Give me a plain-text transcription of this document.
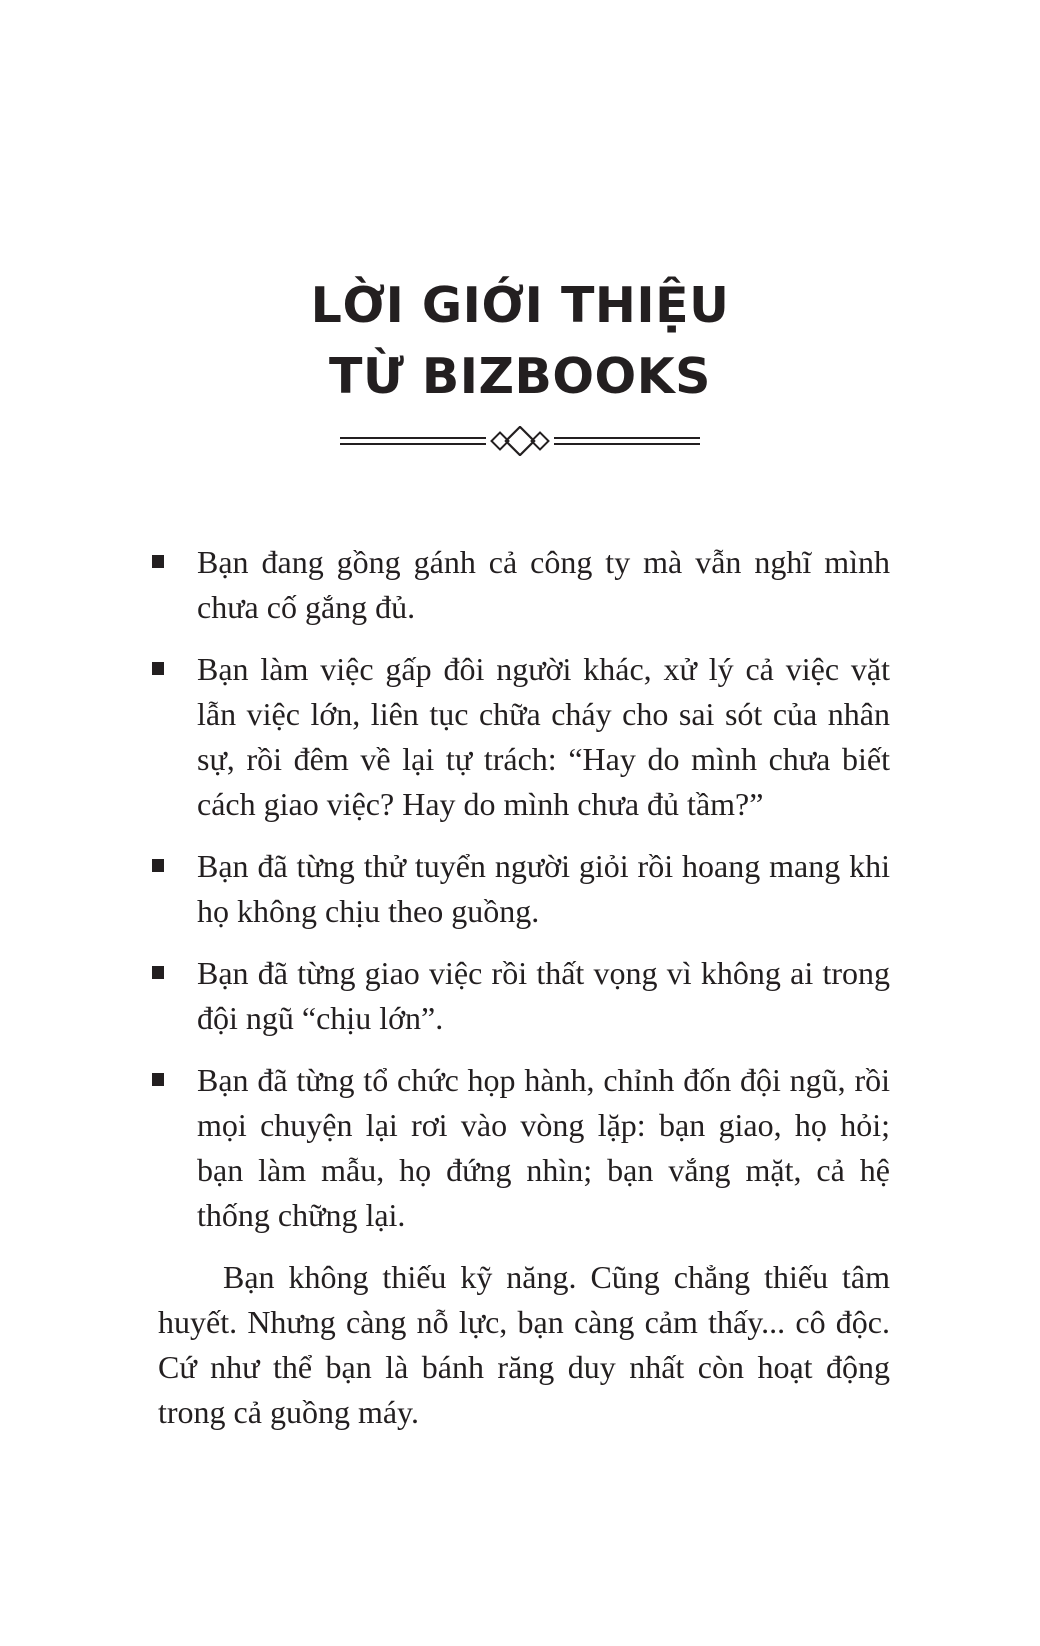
LỜI GIỚI THIỆU
TỪ BIZBOOKS
Bạn đang gồng gánh cả công ty mà vẫn nghĩ mình chưa cố gắng đủ.
Bạn làm việc gấp đôi người khác, xử lý cả việc vặt lẫn việc lớn, liên tục chữa cháy cho sai sót của nhân sự, rồi đêm về lại tự trách: “Hay do mình chưa biết cách giao việc? Hay do mình chưa đủ tầm?”
Bạn đã từng thử tuyển người giỏi rồi hoang mang khi họ không chịu theo guồng.
Bạn đã từng giao việc rồi thất vọng vì không ai trong đội ngũ “chịu lớn”.
Bạn đã từng tổ chức họp hành, chỉnh đốn đội ngũ, rồi mọi chuyện lại rơi vào vòng lặp: bạn giao, họ hỏi; bạn làm mẫu, họ đứng nhìn; bạn vắng mặt, cả hệ thống chững lại.

Bạn không thiếu kỹ năng. Cũng chẳng thiếu tâm huyết. Nhưng càng nỗ lực, bạn càng cảm thấy... cô độc. Cứ như thể bạn là bánh răng duy nhất còn hoạt động trong cả guồng máy.
